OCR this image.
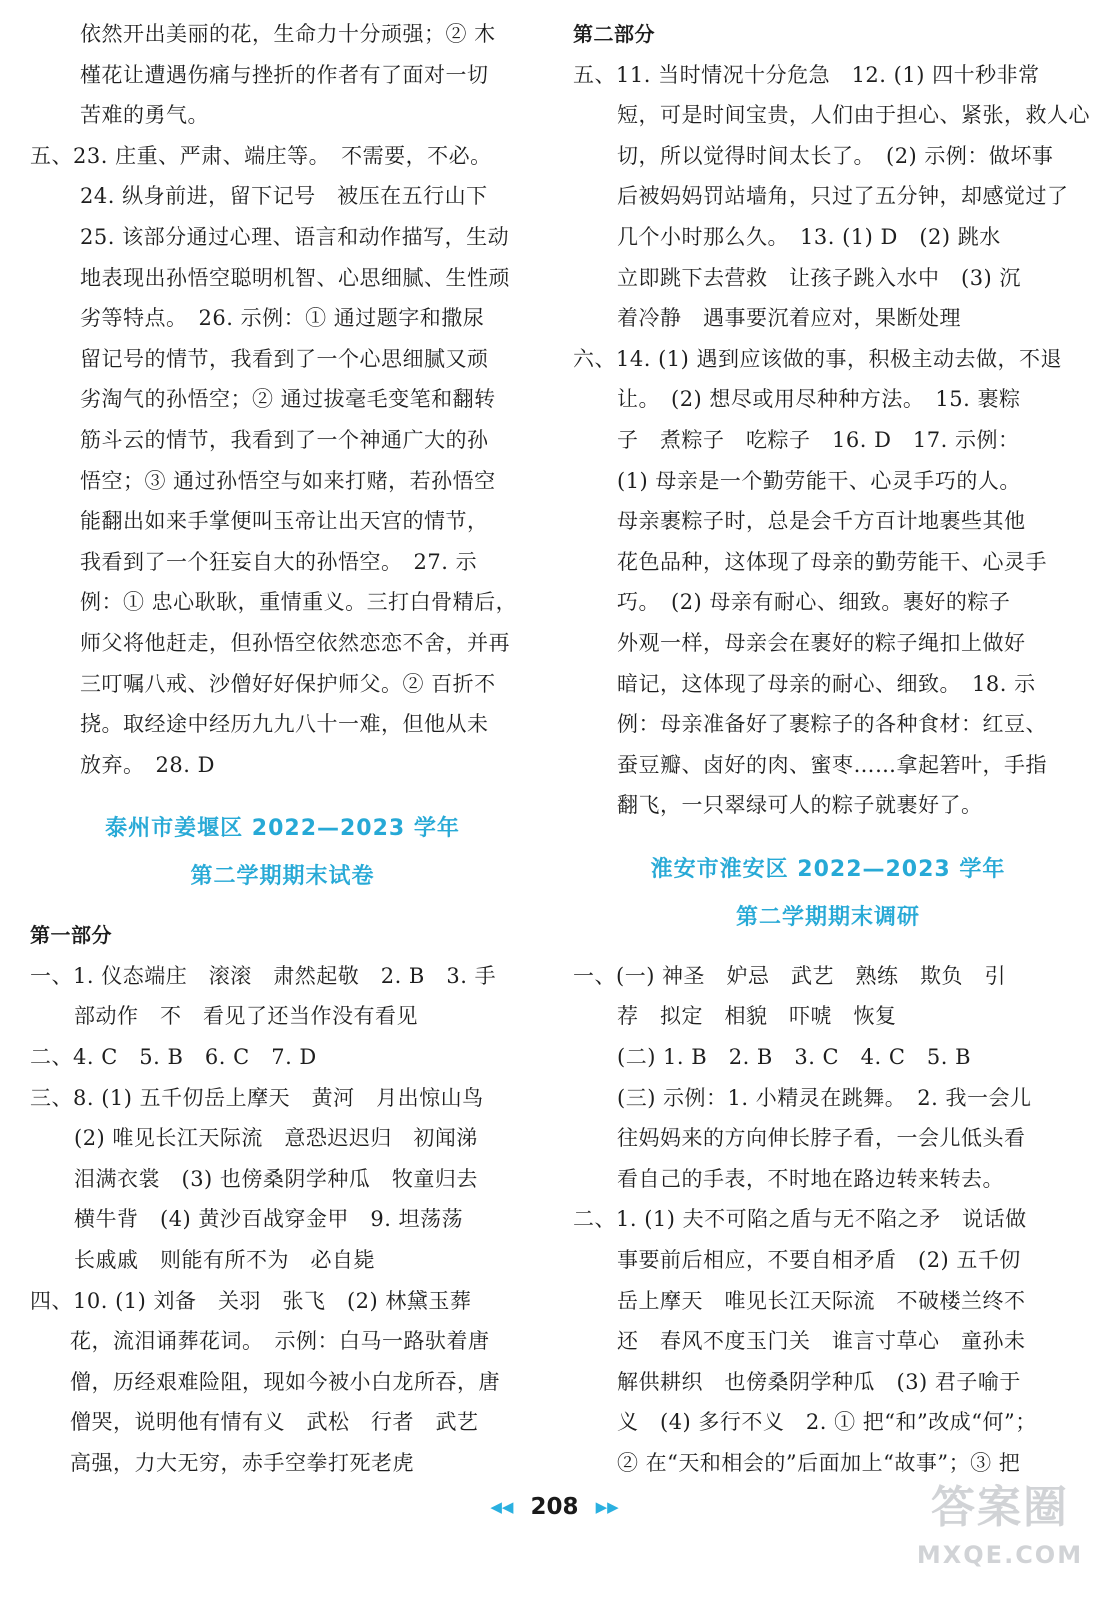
依然开出美丽的花，生命力十分顽强；② 木
槿花让遭遇伤痛与挫折的作者有了面对一切
苦难的勇气。
五、23. 庄重、严肃、端庄等。　不需要，不必。
24. 纵身前进，留下记号　被压在五行山下
25. 该部分通过心理、语言和动作描写，生动
地表现出孙悟空聪明机智、心思细腻、生性顽
劣等特点。　26. 示例：① 通过题字和撒尿
留记号的情节，我看到了一个心思细腻又顽
劣淘气的孙悟空；② 通过拔毫毛变笔和翻转
筋斗云的情节，我看到了一个神通广大的孙
悟空；③ 通过孙悟空与如来打赌，若孙悟空
能翻出如来手掌便叫玉帝让出天宫的情节，
我看到了一个狂妄自大的孙悟空。　27. 示
例：① 忠心耿耿，重情重义。三打白骨精后，
师父将他赶走，但孙悟空依然恋恋不舍，并再
三叮嘱八戒、沙僧好好保护师父。② 百折不
挠。取经途中经历九九八十一难，但他从未
放弃。　28. D
泰州市姜堰区 2022—2023 学年
第二学期期末试卷
第一部分
一、1. 仪态端庄　滚滚　肃然起敬　2. B　3. 手
部动作　不　看见了还当作没有看见
二、4. C　5. B　6. C　7. D
三、8. (1) 五千仞岳上摩天　黄河　月出惊山鸟
(2) 唯见长江天际流　意恐迟迟归　初闻涕
泪满衣裳　(3) 也傍桑阴学种瓜　牧童归去
横牛背　(4) 黄沙百战穿金甲　9. 坦荡荡
长戚戚　则能有所不为　必自毙
四、10. (1) 刘备　关羽　张飞　(2) 林黛玉葬
花，流泪诵葬花词。　示例：白马一路驮着唐
僧，历经艰难险阻，现如今被小白龙所吞，唐
僧哭，说明他有情有义　武松　行者　武艺
高强，力大无穷，赤手空拳打死老虎
第二部分
五、11. 当时情况十分危急　12. (1) 四十秒非常
短，可是时间宝贵，人们由于担心、紧张，救人心
切，所以觉得时间太长了。　(2) 示例：做坏事
后被妈妈罚站墙角，只过了五分钟，却感觉过了
几个小时那么久。　13. (1) D　(2) 跳水
立即跳下去营救　让孩子跳入水中　(3) 沉
着冷静　遇事要沉着应对，果断处理
六、14. (1) 遇到应该做的事，积极主动去做，不退
让。　(2) 想尽或用尽种种方法。　15. 裹粽
子　煮粽子　吃粽子　16. D　17. 示例：
(1) 母亲是一个勤劳能干、心灵手巧的人。
母亲裹粽子时，总是会千方百计地裹些其他
花色品种，这体现了母亲的勤劳能干、心灵手
巧。　(2) 母亲有耐心、细致。裹好的粽子
外观一样，母亲会在裹好的粽子绳扣上做好
暗记，这体现了母亲的耐心、细致。　18. 示
例：母亲准备好了裹粽子的各种食材：红豆、
蚕豆瓣、卤好的肉、蜜枣……拿起箬叶，手指
翻飞，一只翠绿可人的粽子就裹好了。
淮安市淮安区 2022—2023 学年
第二学期期末调研
一、(一) 神圣　妒忌　武艺　熟练　欺负　引
荐　拟定　相貌　吓唬　恢复
(二) 1. B　2. B　3. C　4. C　5. B
(三) 示例：1. 小精灵在跳舞。　2. 我一会儿
往妈妈来的方向伸长脖子看，一会儿低头看
看自己的手表，不时地在路边转来转去。
二、1. (1) 夫不可陷之盾与无不陷之矛　说话做
事要前后相应，不要自相矛盾　(2) 五千仞
岳上摩天　唯见长江天际流　不破楼兰终不
还　春风不度玉门关　谁言寸草心　童孙未
解供耕织　也傍桑阴学种瓜　(3) 君子喻于
义　(4) 多行不义　2. ① 把“和”改成“何”；
② 在“天和相会的”后面加上“故事”；③ 把
◀◀ 208 ▶▶	答案圈
MXQE.COM
